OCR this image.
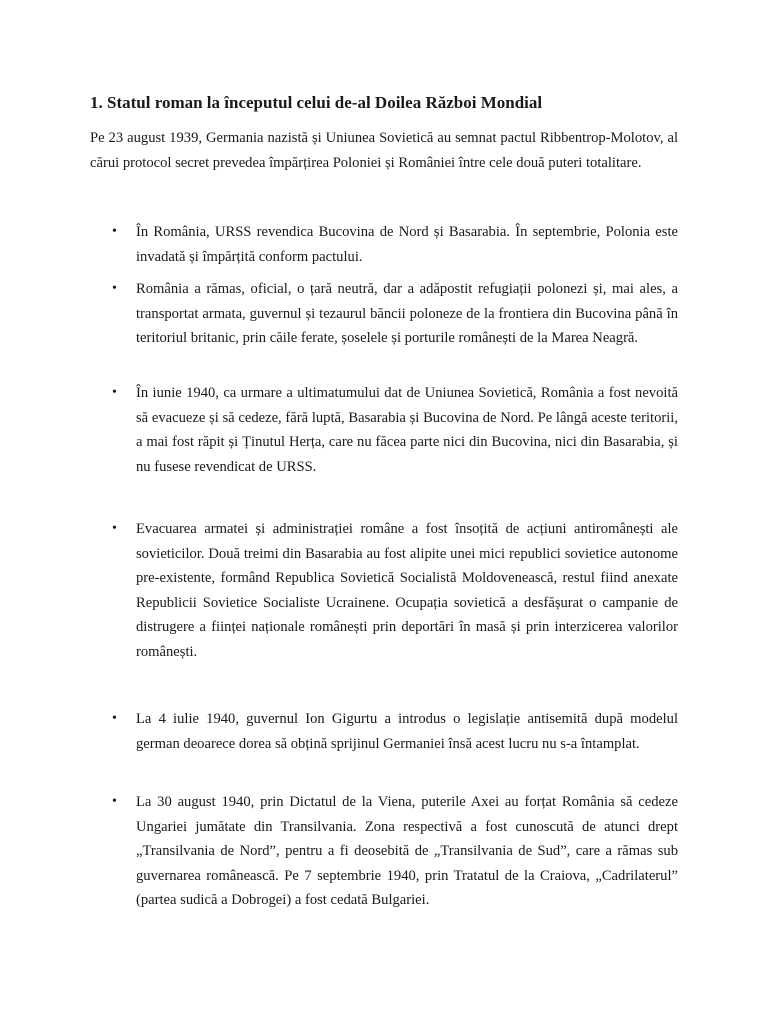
1. Statul roman la începutul celui de-al Doilea Război Mondial

Pe 23 august 1939, Germania nazistă și Uniunea Sovietică au semnat pactul Ribbentrop-Molotov, al cărui protocol secret prevedea împărțirea Poloniei și României între cele două puteri totalitare.

•	În România, URSS revendica Bucovina de Nord și Basarabia. În septembrie, Polonia este invadată și împărțită conform pactului.
•	România a rămas, oficial, o țară neutră, dar a adăpostit refugiații polonezi și, mai ales, a transportat armata, guvernul și tezaurul băncii poloneze de la frontiera din Bucovina până în teritoriul britanic, prin căile ferate, șoselele și porturile românești de la Marea Neagră.
•	În iunie 1940, ca urmare a ultimatumului dat de Uniunea Sovietică, România a fost nevoită să evacueze și să cedeze, fără luptă, Basarabia și Bucovina de Nord. Pe lângă aceste teritorii, a mai fost răpit și Ținutul Herța, care nu făcea parte nici din Bucovina, nici din Basarabia, și nu fusese revendicat de URSS.
•	Evacuarea armatei și administrației române a fost însoțită de acțiuni antiromânești ale sovieticilor. Două treimi din Basarabia au fost alipite unei mici republici sovietice autonome pre-existente, formând Republica Sovietică Socialistă Moldovenească, restul fiind anexate Republicii Sovietice Socialiste Ucrainene. Ocupația sovietică a desfășurat o campanie de distrugere a ființei naționale românești prin deportări în masă și prin interzicerea valorilor românești.
•	La 4 iulie 1940, guvernul Ion Gigurtu a introdus o legislație antisemită după modelul german deoarece dorea să obțină sprijinul Germaniei însă acest lucru nu s-a întamplat.
•	La 30 august 1940, prin Dictatul de la Viena, puterile Axei au forțat România să cedeze Ungariei jumătate din Transilvania. Zona respectivă a fost cunoscută de atunci drept „Transilvania de Nord”, pentru a fi deosebită de „Transilvania de Sud”, care a rămas sub guvernarea românească. Pe 7 septembrie 1940, prin Tratatul de la Craiova, „Cadrilaterul” (partea sudică a Dobrogei) a fost cedată Bulgariei.
